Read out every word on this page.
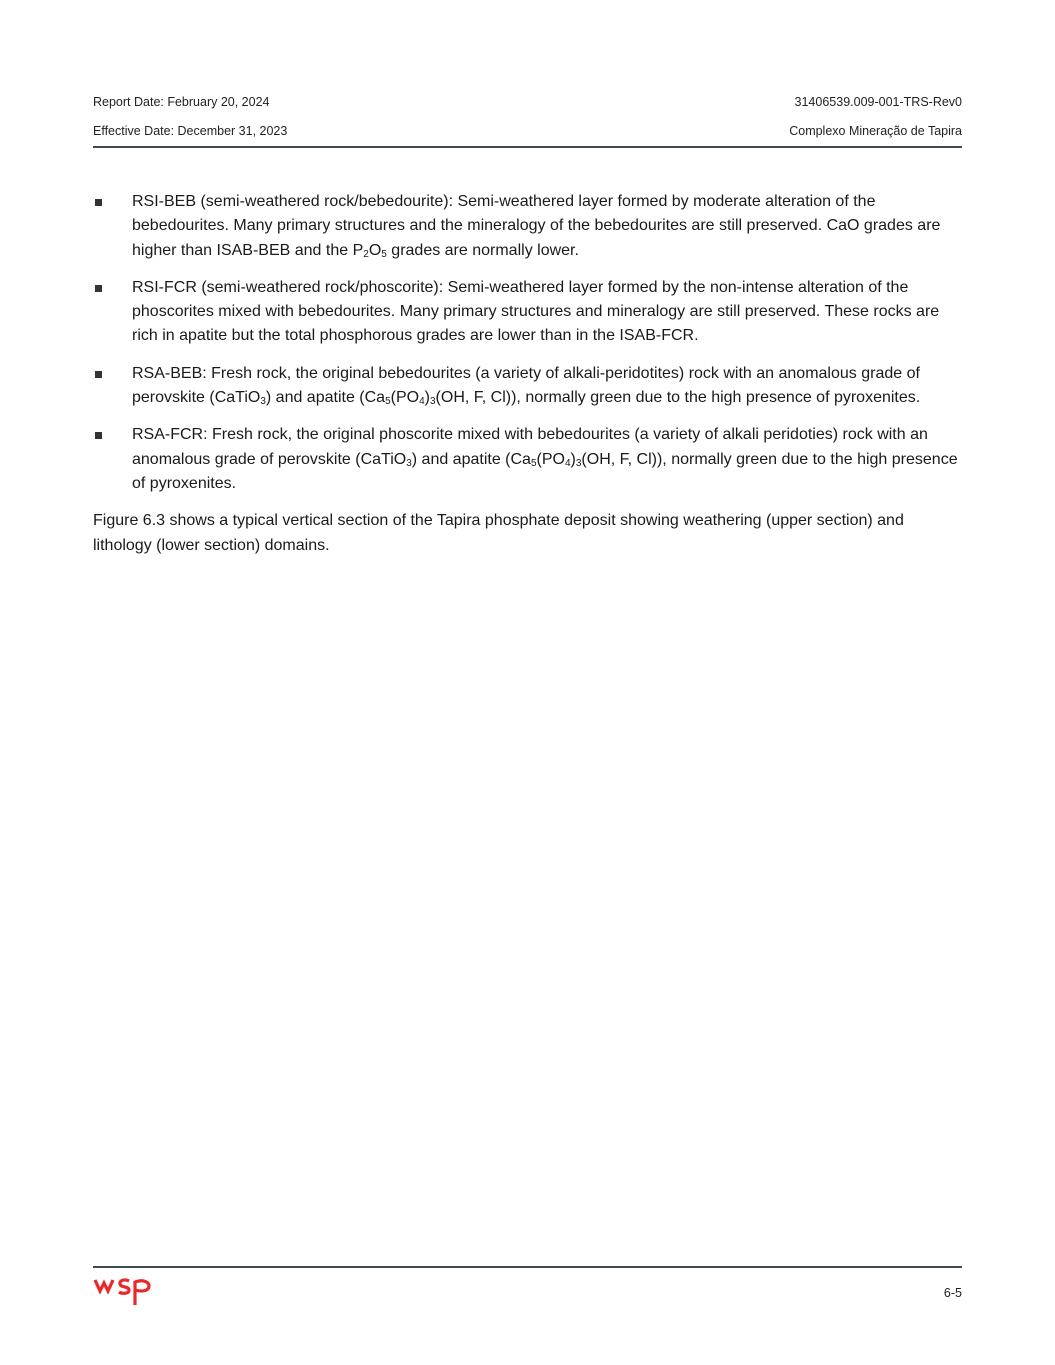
Report Date: February 20, 2024	31406539.009-001-TRS-Rev0
Effective Date: December 31, 2023	Complexo Mineração de Tapira
RSI-BEB (semi-weathered rock/bebedourite): Semi-weathered layer formed by moderate alteration of the bebedourites. Many primary structures and the mineralogy of the bebedourites are still preserved. CaO grades are higher than ISAB-BEB and the $P_2O_5$ grades are normally lower.
RSI-FCR (semi-weathered rock/phoscorite): Semi-weathered layer formed by the non-intense alteration of the phoscorites mixed with bebedourites. Many primary structures and mineralogy are still preserved. These rocks are rich in apatite but the total phosphorous grades are lower than in the ISAB-FCR.
RSA-BEB: Fresh rock, the original bebedourites (a variety of alkali-peridotites) rock with an anomalous grade of perovskite (CaTiO$_3$) and apatite ($Ca_5(PO_4)_3(OH$, F, Cl)), normally green due to the high presence of pyroxenites.
RSA-FCR: Fresh rock, the original phoscorite mixed with bebedourites (a variety of alkali peridoties) rock with an anomalous grade of perovskite (CaTiO$_3$) and apatite ($Ca_5(PO_4)_3(OH$, F, Cl)), normally green due to the high presence of pyroxenites.

Figure 6.3 shows a typical vertical section of the Tapira phosphate deposit showing weathering (upper section) and lithology (lower section) domains.

6-5
